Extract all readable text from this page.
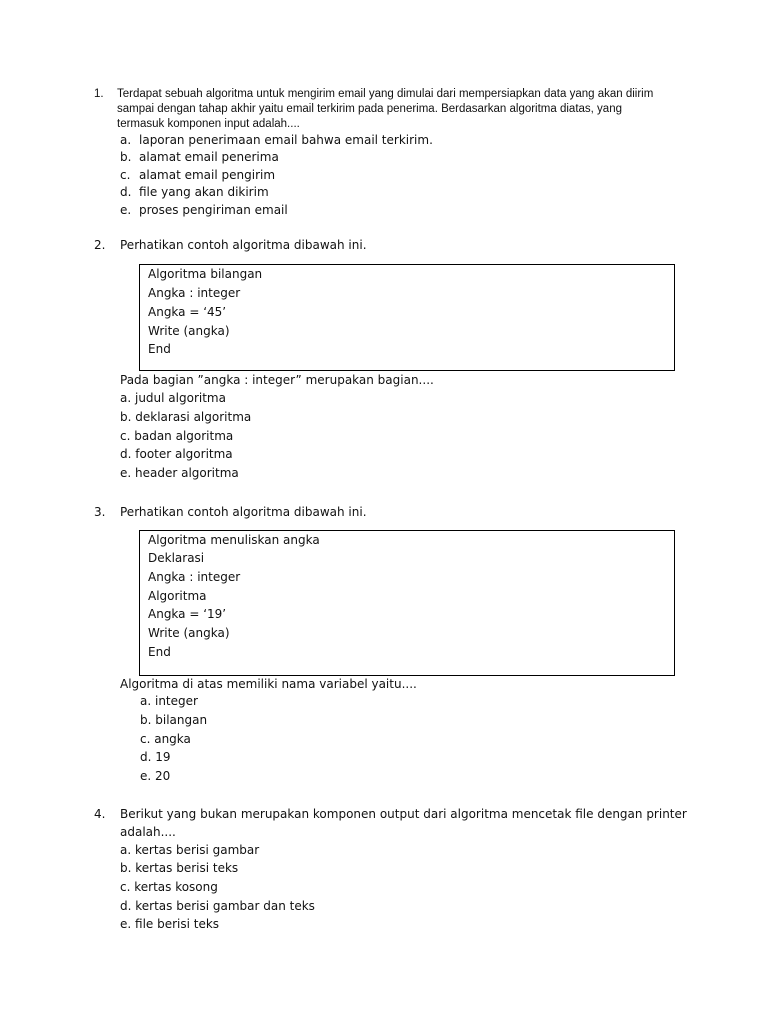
1. Terdapat sebuah algoritma untuk mengirim email yang dimulai dari mempersiapkan data yang akan diirim
sampai dengan tahap akhir yaitu email terkirim pada penerima. Berdasarkan algoritma diatas, yang
termasuk komponen input adalah....
a. laporan penerimaan email bahwa email terkirim.
b. alamat email penerima
c. alamat email pengirim
d. file yang akan dikirim
e. proses pengiriman email
2. Perhatikan contoh algoritma dibawah ini.
Algoritma bilangan
Angka : integer
Angka = ‘45’
Write (angka)
End
Pada bagian ”angka : integer” merupakan bagian....
a. judul algoritma
b. deklarasi algoritma
c. badan algoritma
d. footer algoritma
e. header algoritma
3. Perhatikan contoh algoritma dibawah ini.
Algoritma menuliskan angka
Deklarasi
Angka : integer
Algoritma
Angka = ‘19’
Write (angka)
End
Algoritma di atas memiliki nama variabel yaitu....
a. integer
b. bilangan
c. angka
d. 19
e. 20
4. Berikut yang bukan merupakan komponen output dari algoritma mencetak file dengan printer
adalah....
a. kertas berisi gambar
b. kertas berisi teks
c. kertas kosong
d. kertas berisi gambar dan teks
e. file berisi teks
